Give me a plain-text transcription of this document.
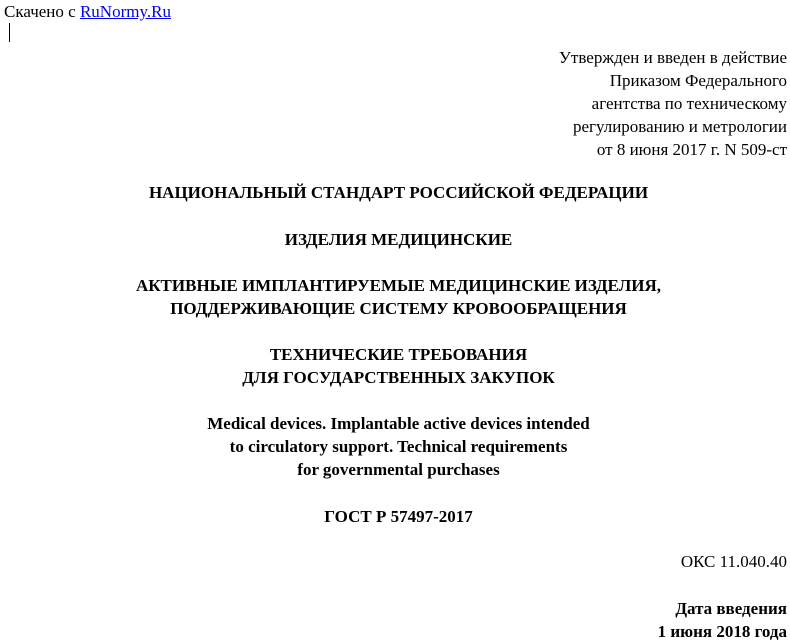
Скачено с RuNormy.Ru
Утвержден и введен в действие
Приказом Федерального
агентства по техническому
регулированию и метрологии
от 8 июня 2017 г. N 509-ст
НАЦИОНАЛЬНЫЙ СТАНДАРТ РОССИЙСКОЙ ФЕДЕРАЦИИ
ИЗДЕЛИЯ МЕДИЦИНСКИЕ
АКТИВНЫЕ ИМПЛАНТИРУЕМЫЕ МЕДИЦИНСКИЕ ИЗДЕЛИЯ,
ПОДДЕРЖИВАЮЩИЕ СИСТЕМУ КРОВООБРАЩЕНИЯ
ТЕХНИЧЕСКИЕ ТРЕБОВАНИЯ
ДЛЯ ГОСУДАРСТВЕННЫХ ЗАКУПОК
Medical devices. Implantable active devices intended
to circulatory support. Technical requirements
for governmental purchases
ГОСТ Р 57497-2017
ОКС 11.040.40
Дата введения
1 июня 2018 года
